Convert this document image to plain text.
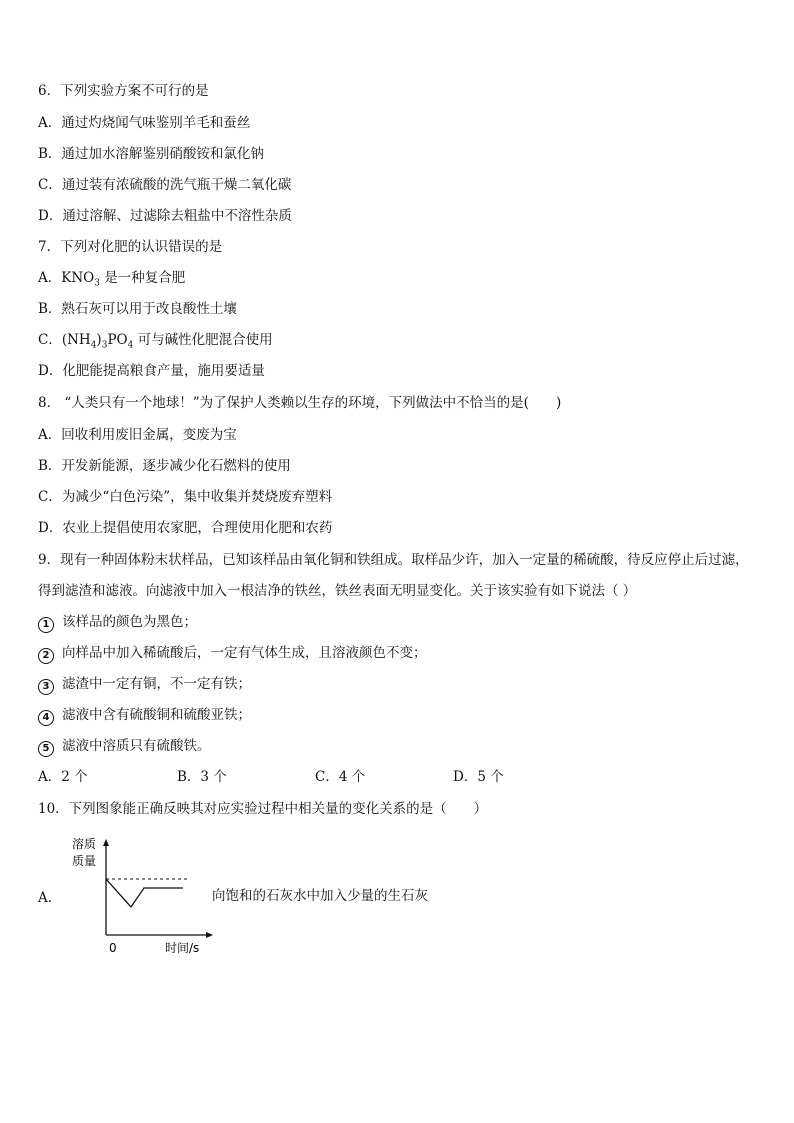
6．下列实验方案不可行的是
A．通过灼烧闻气味鉴别羊毛和蚕丝
B．通过加水溶解鉴别硝酸铵和氯化钠
C．通过装有浓硫酸的洗气瓶干燥二氧化碳
D．通过溶解、过滤除去粗盐中不溶性杂质
7．下列对化肥的认识错误的是
A．$KNO_3$ 是一种复合肥
B．熟石灰可以用于改良酸性土壤
C．$(NH_4)_3PO_4$ 可与碱性化肥混合使用
D．化肥能提高粮食产量，施用要适量
8． “人类只有一个地球！”为了保护人类赖以生存的环境，下列做法中不恰当的是(　　)
A．回收利用废旧金属，变废为宝
B．开发新能源，逐步减少化石燃料的使用
C．为减少“白色污染”，集中收集并焚烧废弃塑料
D．农业上提倡使用农家肥，合理使用化肥和农药
9．现有一种固体粉末状样品，已知该样品由氧化铜和铁组成。取样品少许，加入一定量的稀硫酸，待反应停止后过滤，
得到滤渣和滤液。向滤液中加入一根洁净的铁丝，铁丝表面无明显变化。关于该实验有如下说法（ ）
1 该样品的颜色为黑色；
2 向样品中加入稀硫酸后，一定有气体生成，且溶液颜色不变；
3 滤渣中一定有铜，不一定有铁；
4 滤液中含有硫酸铜和硫酸亚铁；
5 滤液中溶质只有硫酸铁。
A．2 个	B．3 个	C．4 个	D．5 个
10．下列图象能正确反映其对应实验过程中相关量的变化关系的是（　　）
A．
溶质
质量
0	时间/s
向饱和的石灰水中加入少量的生石灰
